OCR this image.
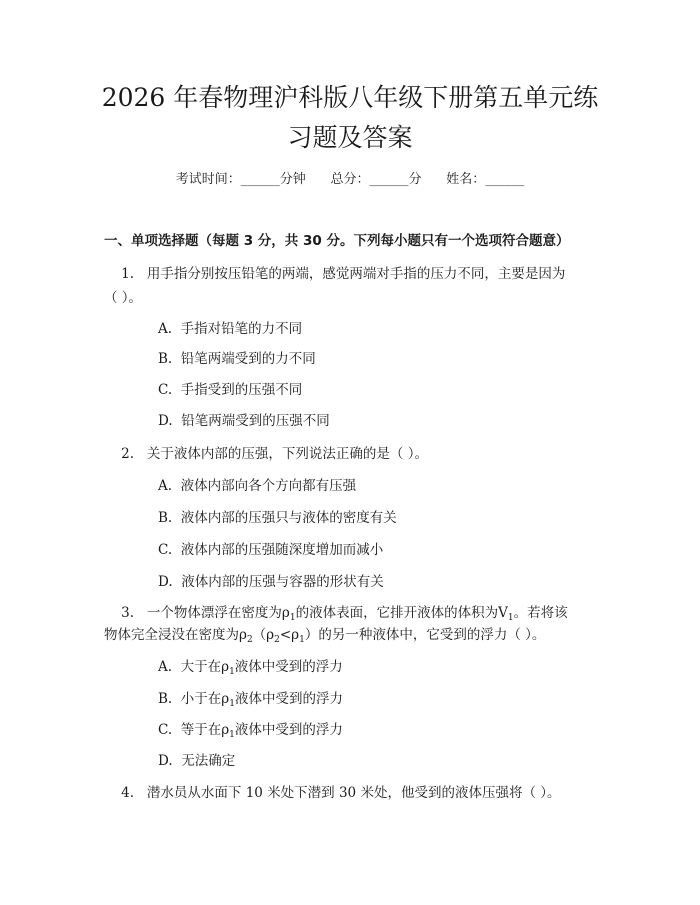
2026 年春物理沪科版八年级下册第五单元练
习题及答案
考试时间：______分钟      总分：______分      姓名：______
一、单项选择题（每题 3 分，共 30 分。下列每小题只有一个选项符合题意）
1.   用手指分别按压铅笔的两端，感觉两端对手指的压力不同，主要是因为
（ ）。
A.  手指对铅笔的力不同
B.  铅笔两端受到的力不同
C.  手指受到的压强不同
D.  铅笔两端受到的压强不同
2.   关于液体内部的压强，下列说法正确的是（ ）。
A.  液体内部向各个方向都有压强
B.  液体内部的压强只与液体的密度有关
C.  液体内部的压强随深度增加而减小
D.  液体内部的压强与容器的形状有关
3.   一个物体漂浮在密度为$\rho_1$的液体表面，它排开液体的体积为$V_1$。若将该
物体完全浸没在密度为$\rho_2(\rho_2<\rho_1)$的另一种液体中，它受到的浮力（ ）。
A.  大于在$\rho_1$液体中受到的浮力
B.  小于在$\rho_1$液体中受到的浮力
C.  等于在$\rho_1$液体中受到的浮力
D.  无法确定
4.   潜水员从水面下 10 米处下潜到 30 米处，他受到的液体压强将（ ）。
